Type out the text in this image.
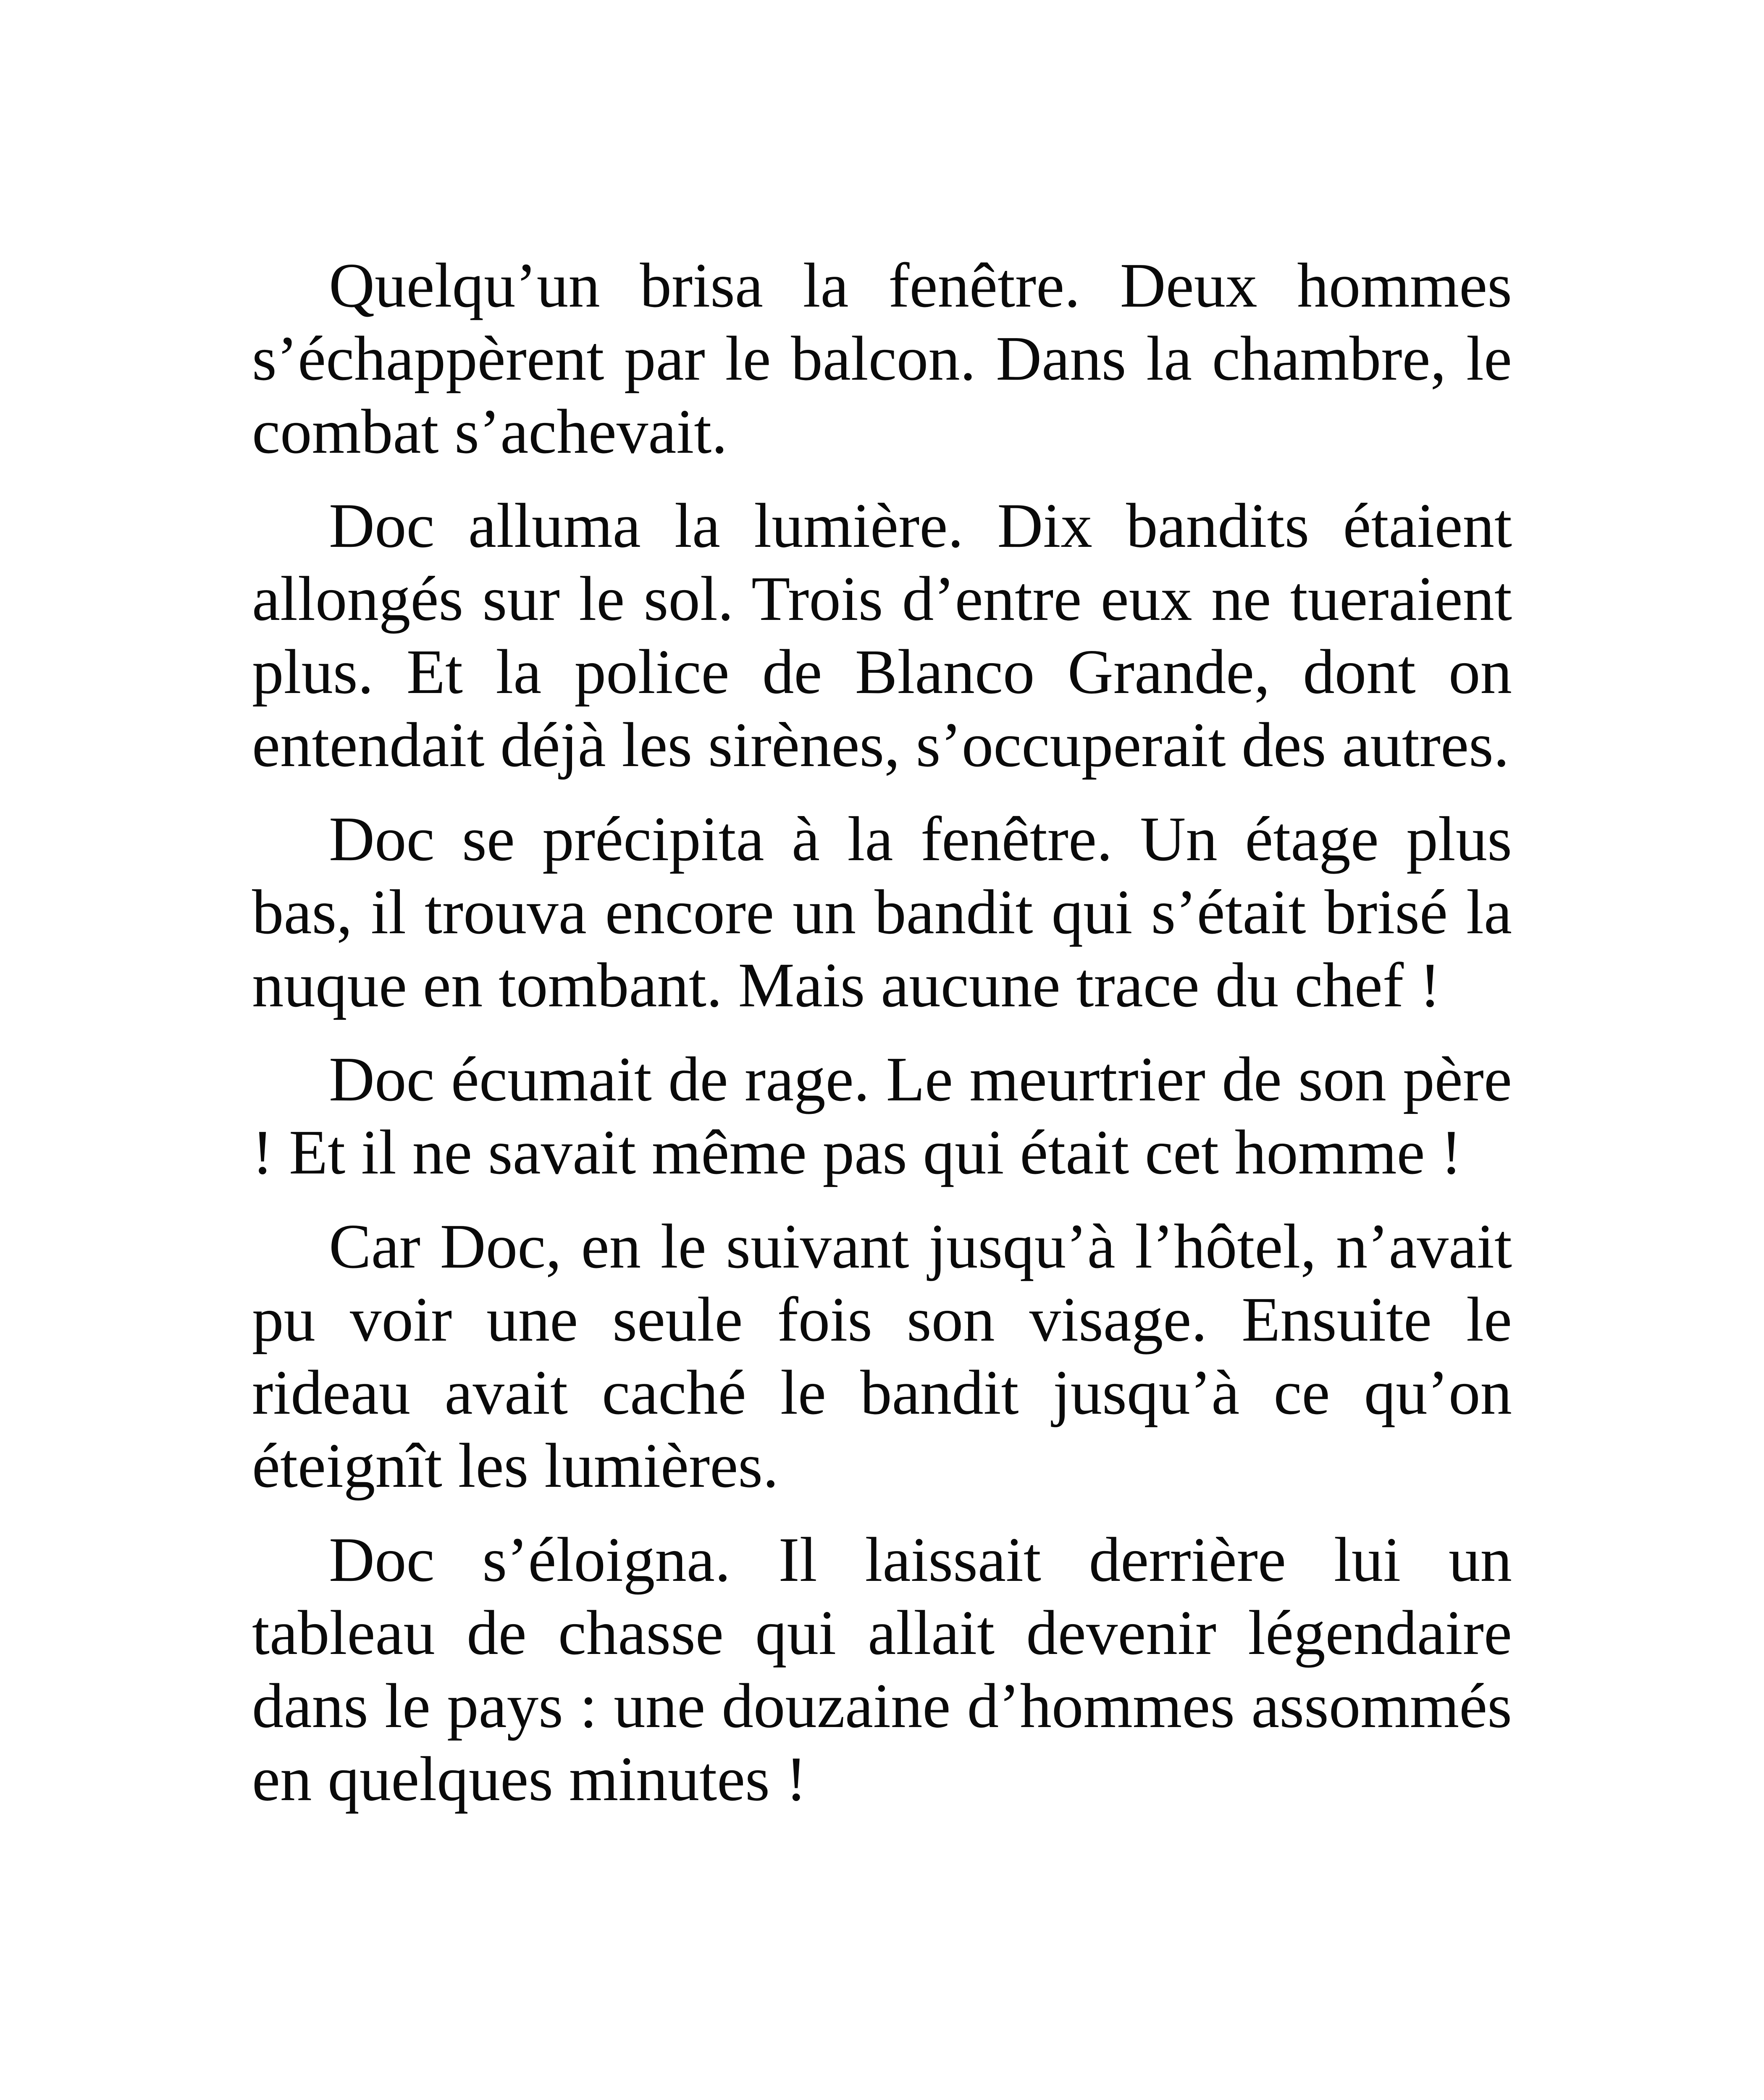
Quelqu’un brisa la fenêtre. Deux hommes s’échappèrent par le balcon. Dans la chambre, le combat s’achevait.

Doc alluma la lumière. Dix bandits étaient allongés sur le sol. Trois d’entre eux ne tueraient plus. Et la police de Blanco Grande, dont on entendait déjà les sirènes, s’occuperait des autres.

Doc se précipita à la fenêtre. Un étage plus bas, il trouva encore un bandit qui s’était brisé la nuque en tombant. Mais aucune trace du chef !

Doc écumait de rage. Le meurtrier de son père ! Et il ne savait même pas qui était cet homme !

Car Doc, en le suivant jusqu’à l’hôtel, n’avait pu voir une seule fois son visage. Ensuite le rideau avait caché le bandit jusqu’à ce qu’on éteignît les lumières.

Doc s’éloigna. Il laissait derrière lui un tableau de chasse qui allait devenir légendaire dans le pays : une douzaine d’hommes assommés en quelques minutes !
